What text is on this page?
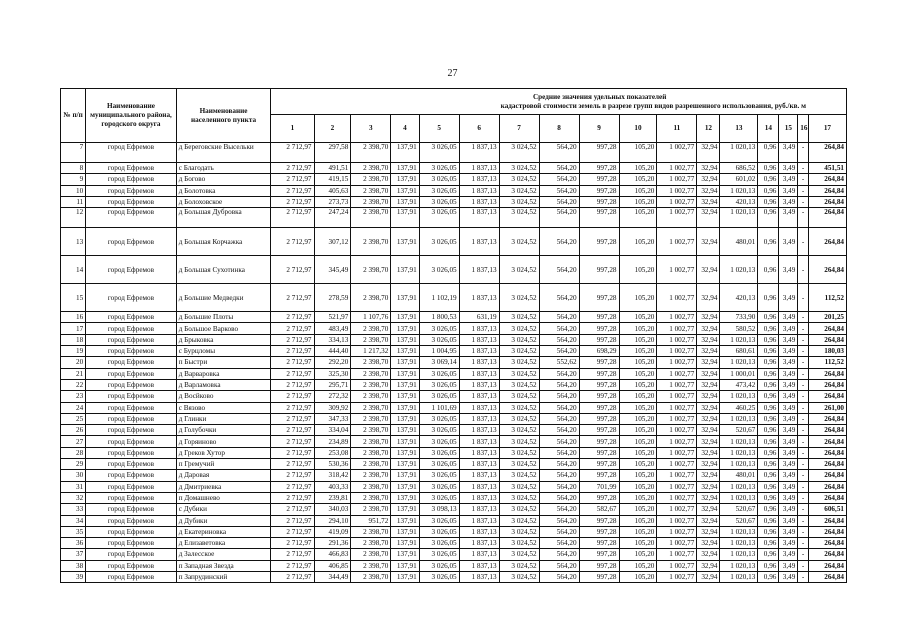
27
№ п/п	Наименование муниципального района, городского округа	Наименование населенного пункта	Средние значения удельных показателей
кадастровой стоимости земель в разрезе групп видов разрешенного использования, руб./кв. м																

			1	2	3	4	5	6	7	8	9	10	11	12	13	14	15	16	17
7	город Ефремов	д Береговские Высельки	2 712,97	297,58	2 398,70	137,91	3 026,05	1 837,13	3 024,52	564,20	997,28	105,20	1 002,77	32,94	1 020,13	0,96	3,49	-	264,84
8	город Ефремов	с Благодать	2 712,97	491,51	2 398,70	137,91	3 026,05	1 837,13	3 024,52	564,20	997,28	105,20	1 002,77	32,94	686,52	0,96	3,49	-	451,51
9	город Ефремов	д Богово	2 712,97	419,15	2 398,70	137,91	3 026,05	1 837,13	3 024,52	564,20	997,28	105,20	1 002,77	32,94	601,02	0,96	3,49	-	264,84
10	город Ефремов	д Болотовка	2 712,97	405,63	2 398,70	137,91	3 026,05	1 837,13	3 024,52	564,20	997,28	105,20	1 002,77	32,94	1 020,13	0,96	3,49	-	264,84
11	город Ефремов	д Болоховское	2 712,97	273,73	2 398,70	137,91	3 026,05	1 837,13	3 024,52	564,20	997,28	105,20	1 002,77	32,94	420,13	0,96	3,49	-	264,84
12	город Ефремов	д Большая Дубровка	2 712,97	247,24	2 398,70	137,91	3 026,05	1 837,13	3 024,52	564,20	997,28	105,20	1 002,77	32,94	1 020,13	0,96	3,49	-	264,84
13	город Ефремов	д Большая Корчажка	2 712,97	307,12	2 398,70	137,91	3 026,05	1 837,13	3 024,52	564,20	997,28	105,20	1 002,77	32,94	480,01	0,96	3,49	-	264,84
14	город Ефремов	д Большая Сухотинка	2 712,97	345,49	2 398,70	137,91	3 026,05	1 837,13	3 024,52	564,20	997,28	105,20	1 002,77	32,94	1 020,13	0,96	3,49	-	264,84
15	город Ефремов	д Большие Медведки	2 712,97	278,59	2 398,70	137,91	1 102,19	1 837,13	3 024,52	564,20	997,28	105,20	1 002,77	32,94	420,13	0,96	3,49	-	112,52
16	город Ефремов	д Большие Плоты	2 712,97	521,97	1 107,76	137,91	1 800,53	631,19	3 024,52	564,20	997,28	105,20	1 002,77	32,94	733,90	0,96	3,49	-	201,25
17	город Ефремов	д Большое Варково	2 712,97	483,49	2 398,70	137,91	3 026,05	1 837,13	3 024,52	564,20	997,28	105,20	1 002,77	32,94	580,52	0,96	3,49	-	264,84
18	город Ефремов	д Брыковка	2 712,97	334,13	2 398,70	137,91	3 026,05	1 837,13	3 024,52	564,20	997,28	105,20	1 002,77	32,94	1 020,13	0,96	3,49	-	264,84
19	город Ефремов	с Бурцломы	2 712,97	444,40	1 217,32	137,91	1 004,95	1 837,13	3 024,52	564,20	698,29	105,20	1 002,77	32,94	680,61	0,96	3,49	-	180,03
20	город Ефремов	п Быстри	2 712,97	292,20	2 398,70	137,91	3 069,14	1 837,13	3 024,52	552,62	997,28	105,20	1 002,77	32,94	1 020,13	0,96	3,49	-	112,52
21	город Ефремов	д Варваровка	2 712,97	325,30	2 398,70	137,91	3 026,05	1 837,13	3 024,52	564,20	997,28	105,20	1 002,77	32,94	1 000,01	0,96	3,49	-	264,84
22	город Ефремов	д Варламовка	2 712,97	295,71	2 398,70	137,91	3 026,05	1 837,13	3 024,52	564,20	997,28	105,20	1 002,77	32,94	473,42	0,96	3,49	-	264,84
23	город Ефремов	д Восйково	2 712,97	272,32	2 398,70	137,91	3 026,05	1 837,13	3 024,52	564,20	997,28	105,20	1 002,77	32,94	1 020,13	0,96	3,49	-	264,84
24	город Ефремов	с Вязово	2 712,97	309,92	2 398,70	137,91	1 101,69	1 837,13	3 024,52	564,20	997,28	105,20	1 002,77	32,94	460,25	0,96	3,49	-	261,00
25	город Ефремов	д Глинки	2 712,97	347,33	2 398,70	137,91	3 026,05	1 837,13	3 024,52	564,20	997,28	105,20	1 002,77	32,94	1 020,13	0,96	3,49	-	264,84
26	город Ефремов	д Голубочки	2 712,97	334,04	2 398,70	137,91	3 026,05	1 837,13	3 024,52	564,20	997,28	105,20	1 002,77	32,94	520,67	0,96	3,49	-	264,84
27	город Ефремов	д Горяиново	2 712,97	234,89	2 398,70	137,91	3 026,05	1 837,13	3 024,52	564,20	997,28	105,20	1 002,77	32,94	1 020,13	0,96	3,49	-	264,84
28	город Ефремов	д Греков Хутор	2 712,97	253,08	2 398,70	137,91	3 026,05	1 837,13	3 024,52	564,20	997,28	105,20	1 002,77	32,94	1 020,13	0,96	3,49	-	264,84
29	город Ефремов	п Гремучий	2 712,97	530,36	2 398,70	137,91	3 026,05	1 837,13	3 024,52	564,20	997,28	105,20	1 002,77	32,94	1 020,13	0,96	3,49	-	264,84
30	город Ефремов	д Даровая	2 712,97	318,42	2 398,70	137,91	3 026,05	1 837,13	3 024,52	564,20	997,28	105,20	1 002,77	32,94	480,01	0,96	3,49	-	264,84
31	город Ефремов	д Дмитриевка	2 712,97	403,33	2 398,70	137,91	3 026,05	1 837,13	3 024,52	564,20	701,99	105,20	1 002,77	32,94	1 020,13	0,96	3,49	-	264,84
32	город Ефремов	п Домашнево	2 712,97	239,81	2 398,70	137,91	3 026,05	1 837,13	3 024,52	564,20	997,28	105,20	1 002,77	32,94	1 020,13	0,96	3,49	-	264,84
33	город Ефремов	с Дубики	2 712,97	340,03	2 398,70	137,91	3 098,13	1 837,13	3 024,52	564,20	582,67	105,20	1 002,77	32,94	520,67	0,96	3,49	-	606,51
34	город Ефремов	д Дубики	2 712,97	294,10	951,72	137,91	3 026,05	1 837,13	3 024,52	564,20	997,28	105,20	1 002,77	32,94	520,67	0,96	3,49	-	264,84
35	город Ефремов	д Екатериновка	2 712,97	419,09	2 398,70	137,91	3 026,05	1 837,13	3 024,52	564,20	997,28	105,20	1 002,77	32,94	1 020,13	0,96	3,49	-	264,84
36	город Ефремов	д Елизаветовка	2 712,97	291,36	2 398,70	137,91	3 026,05	1 837,13	3 024,52	564,20	997,28	105,20	1 002,77	32,94	1 020,13	0,96	3,49	-	264,84
37	город Ефремов	д Залесское	2 712,97	466,83	2 398,70	137,91	3 026,05	1 837,13	3 024,52	564,20	997,28	105,20	1 002,77	32,94	1 020,13	0,96	3,49	-	264,84
38	город Ефремов	п Западная Звезда	2 712,97	406,85	2 398,70	137,91	3 026,05	1 837,13	3 024,52	564,20	997,28	105,20	1 002,77	32,94	1 020,13	0,96	3,49	-	264,84
39	город Ефремов	п Запрудинский	2 712,97	344,49	2 398,70	137,91	3 026,05	1 837,13	3 024,52	564,20	997,28	105,20	1 002,77	32,94	1 020,13	0,96	3,49	-	264,84
